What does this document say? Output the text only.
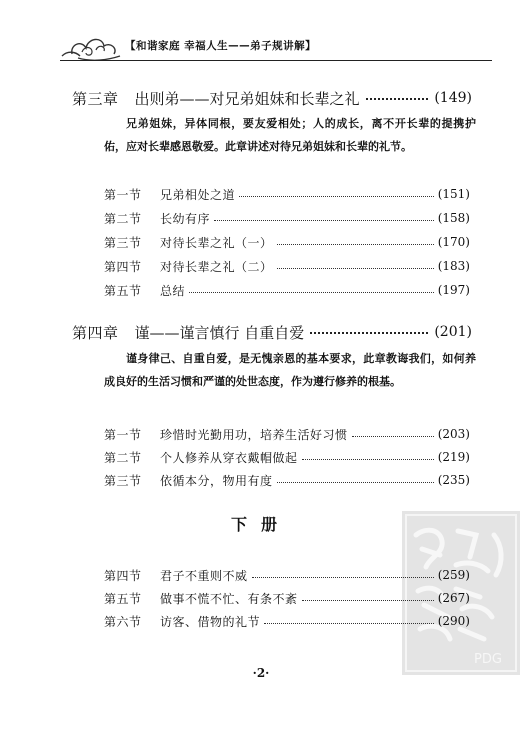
【和谐家庭 幸福人生——弟子规讲解】
第三章 出则弟——对兄弟姐妹和长辈之礼	(149)

兄弟姐妹，异体同根，要友爱相处；人的成长，离不开长辈的提携护佑，应对长辈感恩敬爱。此章讲述对待兄弟姐妹和长辈的礼节。

第一节	兄弟相处之道	(151)
第二节	长幼有序	(158)
第三节	对待长辈之礼（一）	(170)
第四节	对待长辈之礼（二）	(183)
第五节	总结	(197)
第四章 谨——谨言慎行 自重自爱	(201)

谨身律己、自重自爱，是无愧亲恩的基本要求，此章教诲我们，如何养成良好的生活习惯和严谨的处世态度，作为遵行修养的根基。

第一节	珍惜时光勤用功，培养生活好习惯	(203)
第二节	个人修养从穿衣戴帽做起	(219)
第三节	依循本分，物用有度	(235)
PDG
下册
第四节	君子不重则不威	(259)
第五节	做事不慌不忙、有条不紊	(267)
第六节	访客、借物的礼节	(290)
·2·
